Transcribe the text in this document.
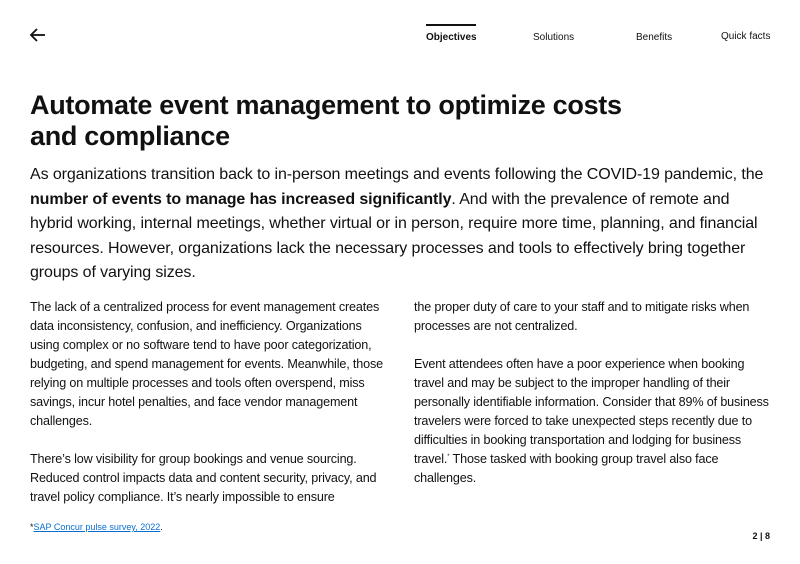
Objectives	Solutions	Benefits	Quick facts
Automate event management to optimize costs and compliance

As organizations transition back to in-person meetings and events following the COVID-19 pandemic, the number of events to manage has increased significantly. And with the prevalence of remote and hybrid working, internal meetings, whether virtual or in person, require more time, planning, and financial resources. However, organizations lack the necessary processes and tools to effectively bring together groups of varying sizes.

The lack of a centralized process for event management creates data inconsistency, confusion, and inefficiency. Organizations using complex or no software tend to have poor categorization, budgeting, and spend management for events. Meanwhile, those relying on multiple processes and tools often overspend, miss savings, incur hotel penalties, and face vendor management challenges.

There’s low visibility for group bookings and venue sourcing. Reduced control impacts data and content security, privacy, and travel policy compliance. It’s nearly impossible to ensure

the proper duty of care to your staff and to mitigate risks when processes are not centralized.

Event attendees often have a poor experience when booking travel and may be subject to the improper handling of their personally identifiable information. Consider that 89% of business travelers were forced to take unexpected steps recently due to difficulties in booking transportation and lodging for business travel.* Those tasked with booking group travel also face challenges.

*SAP Concur pulse survey, 2022.
2 | 8
